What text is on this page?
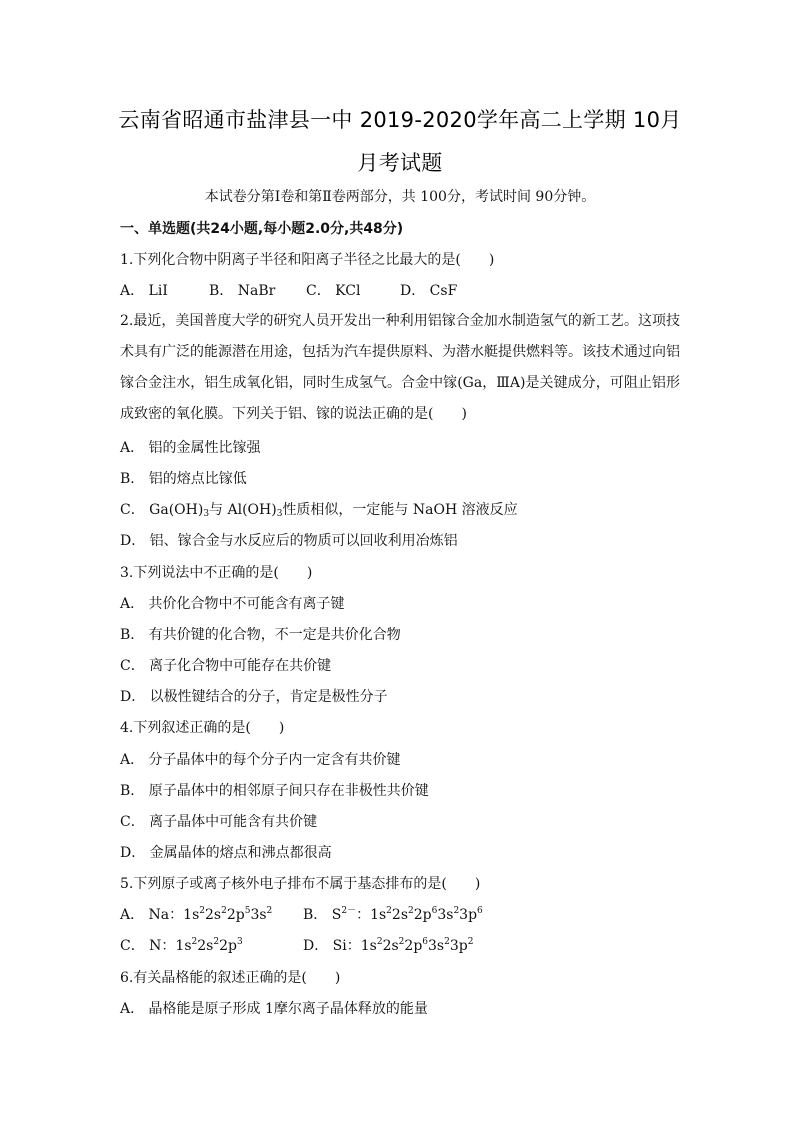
云南省昭通市盐津县一中 2019-2020学年高二上学期 10月
月考试题
本试卷分第Ⅰ卷和第Ⅱ卷两部分，共 100分，考试时间 90分钟。
一、单选题(共24小题,每小题2.0分,共48分)
1.下列化合物中阴离子半径和阳离子半径之比最大的是(　　)
A． LiI	B． NaBr C． KCl	D． CsF
2.最近，美国普度大学的研究人员开发出一种利用铝镓合金加水制造氢气的新工艺。这项技术具有广泛的能源潜在用途，包括为汽车提供原料、为潜水艇提供燃料等。该技术通过向铝镓合金注水，铝生成氧化铝，同时生成氢气。合金中镓(Ga，ⅢA)是关键成分，可阻止铝形成致密的氧化膜。下列关于铝、镓的说法正确的是(　　)
A． 铝的金属性比镓强
B． 铝的熔点比镓低
C． $Ga(OH)_3$与 $Al(OH)_3$性质相似，一定能与 NaOH 溶液反应
D． 铝、镓合金与水反应后的物质可以回收利用冶炼铝
3.下列说法中不正确的是(　　)
A． 共价化合物中不可能含有离子键
B． 有共价键的化合物，不一定是共价化合物
C． 离子化合物中可能存在共价键
D． 以极性键结合的分子，肯定是极性分子
4.下列叙述正确的是(　　)
A． 分子晶体中的每个分子内一定含有共价键
B． 原子晶体中的相邻原子间只存在非极性共价键
C． 离子晶体中可能含有共价键
D． 金属晶体的熔点和沸点都很高
5.下列原子或离子核外电子排布不属于基态排布的是(　　)
A． Na：$1s^22s^22p^53s^2$ B． $S^{2-}$：$1s^22s^22p^63s^23p^6$
C． N：$1s^22s^22p^3$	D． Si：$1s^22s^22p^63s^23p^2$
6.有关晶格能的叙述正确的是(　　)
A． 晶格能是原子形成 1摩尔离子晶体释放的能量
